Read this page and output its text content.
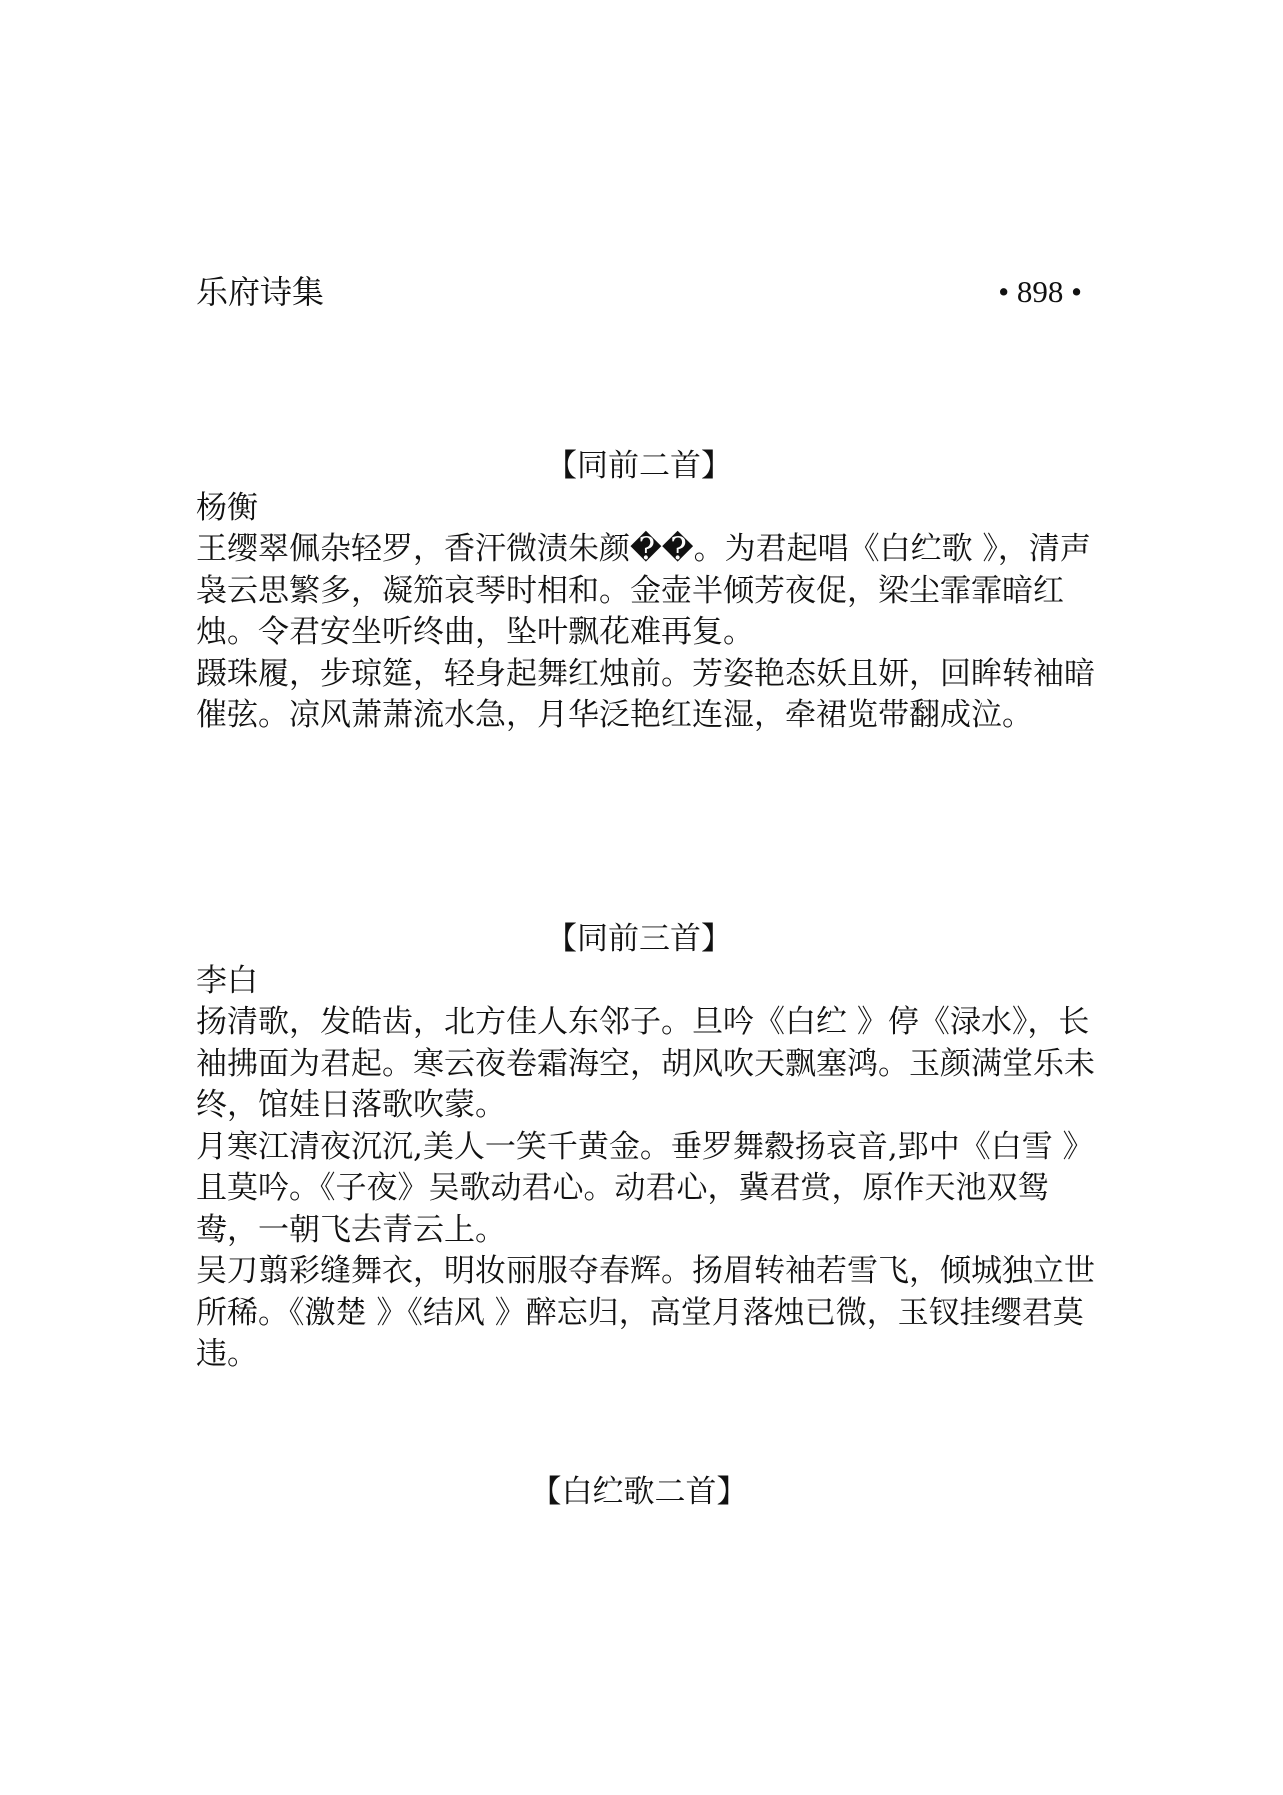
乐府诗集	• 898 •
【同前二首】

杨衡

王缨翠佩杂轻罗，香汗微渍朱颜��。为君起唱《白纻歌 》，清声袅云思繁多，凝笳哀琴时相和。金壶半倾芳夜促，梁尘霏霏暗红烛。令君安坐听终曲，坠叶飘花难再复。

蹑珠履，步琼筵，轻身起舞红烛前。芳姿艳态妖且妍，回眸转袖暗催弦。凉风萧萧流水急，月华泛艳红连湿，牵裙览带翻成泣。

【同前三首】

李白

扬清歌，发皓齿，北方佳人东邻子。旦吟《白纻 》停《渌水》，长袖拂面为君起。寒云夜卷霜海空，胡风吹天飘塞鸿。玉颜满堂乐未终，馆娃日落歌吹蒙。

月寒江清夜沉沉,美人一笑千黄金。垂罗舞縠扬哀音,郢中《白雪 》且莫吟。《子夜》吴歌动君心。动君心，冀君赏，原作天池双鸳鸯，一朝飞去青云上。

吴刀翦彩缝舞衣，明妆丽服夺春辉。扬眉转袖若雪飞，倾城独立世所稀。《激楚 》《结风 》醉忘归，高堂月落烛已微，玉钗挂缨君莫违。

【白纻歌二首】
